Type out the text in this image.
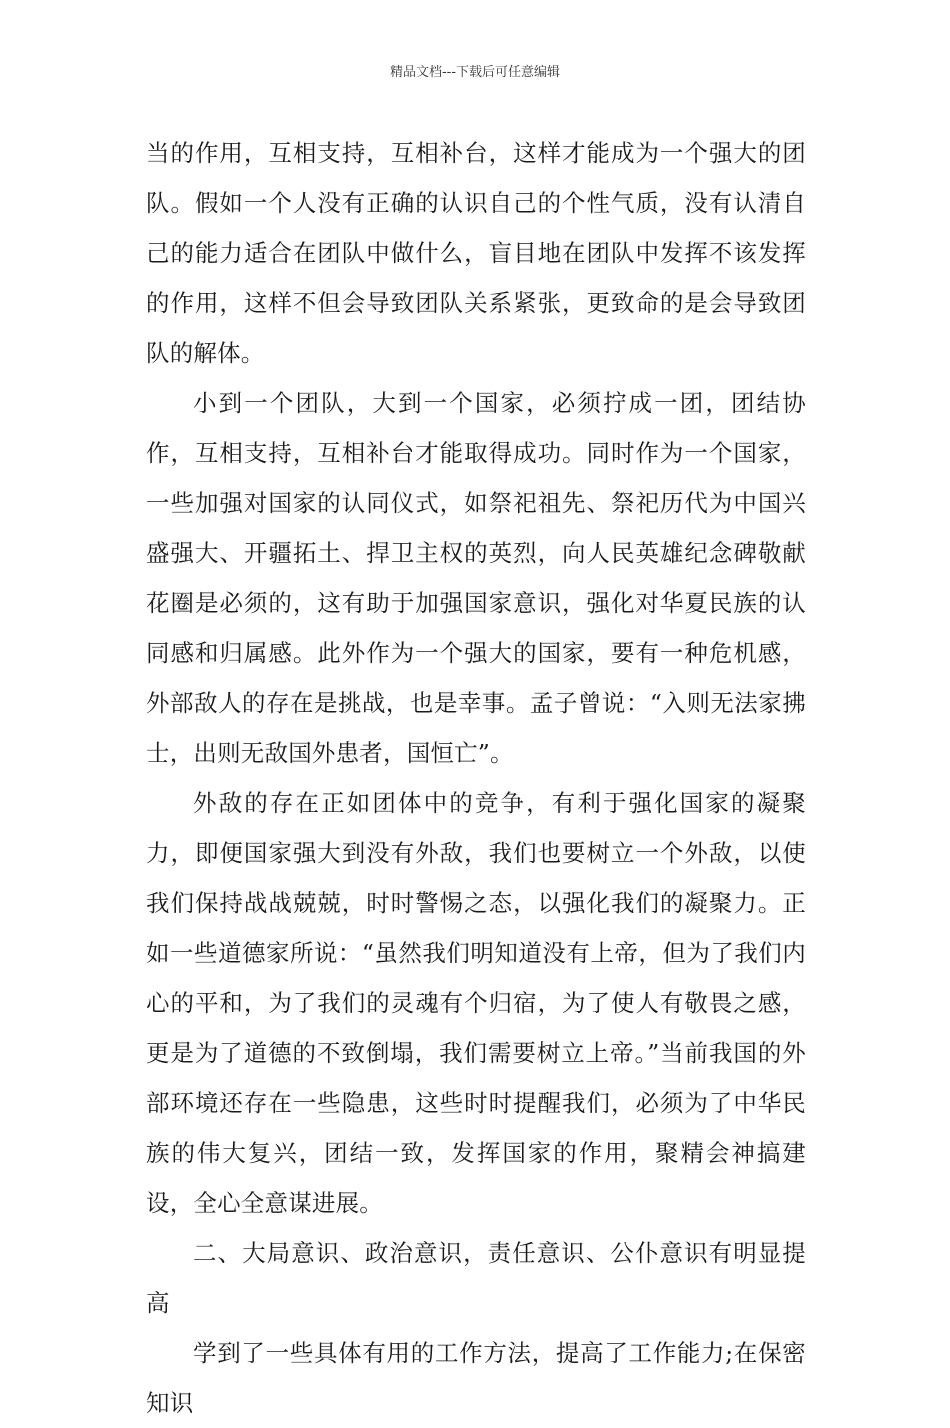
精品文档---下载后可任意编辑

当的作用，互相支持，互相补台，这样才能成为一个强大的团队。假如一个人没有正确的认识自己的个性气质，没有认清自己的能力适合在团队中做什么，盲目地在团队中发挥不该发挥的作用，这样不但会导致团队关系紧张，更致命的是会导致团队的解体。

小到一个团队，大到一个国家，必须拧成一团，团结协作，互相支持，互相补台才能取得成功。同时作为一个国家，一些加强对国家的认同仪式，如祭祀祖先、祭祀历代为中国兴盛强大、开疆拓土、捍卫主权的英烈，向人民英雄纪念碑敬献花圈是必须的，这有助于加强国家意识，强化对华夏民族的认同感和归属感。此外作为一个强大的国家，要有一种危机感，外部敌人的存在是挑战，也是幸事。孟子曾说：“入则无法家拂士，出则无敌国外患者，国恒亡”。

外敌的存在正如团体中的竞争，有利于强化国家的凝聚力，即便国家强大到没有外敌，我们也要树立一个外敌，以使我们保持战战兢兢，时时警惕之态，以强化我们的凝聚力。正如一些道德家所说：“虽然我们明知道没有上帝，但为了我们内心的平和，为了我们的灵魂有个归宿，为了使人有敬畏之感，更是为了道德的不致倒塌，我们需要树立上帝。”当前我国的外部环境还存在一些隐患，这些时时提醒我们，必须为了中华民族的伟大复兴，团结一致，发挥国家的作用，聚精会神搞建设，全心全意谋进展。

二、大局意识、政治意识，责任意识、公仆意识有明显提高

学到了一些具体有用的工作方法，提高了工作能力;在保密知识
